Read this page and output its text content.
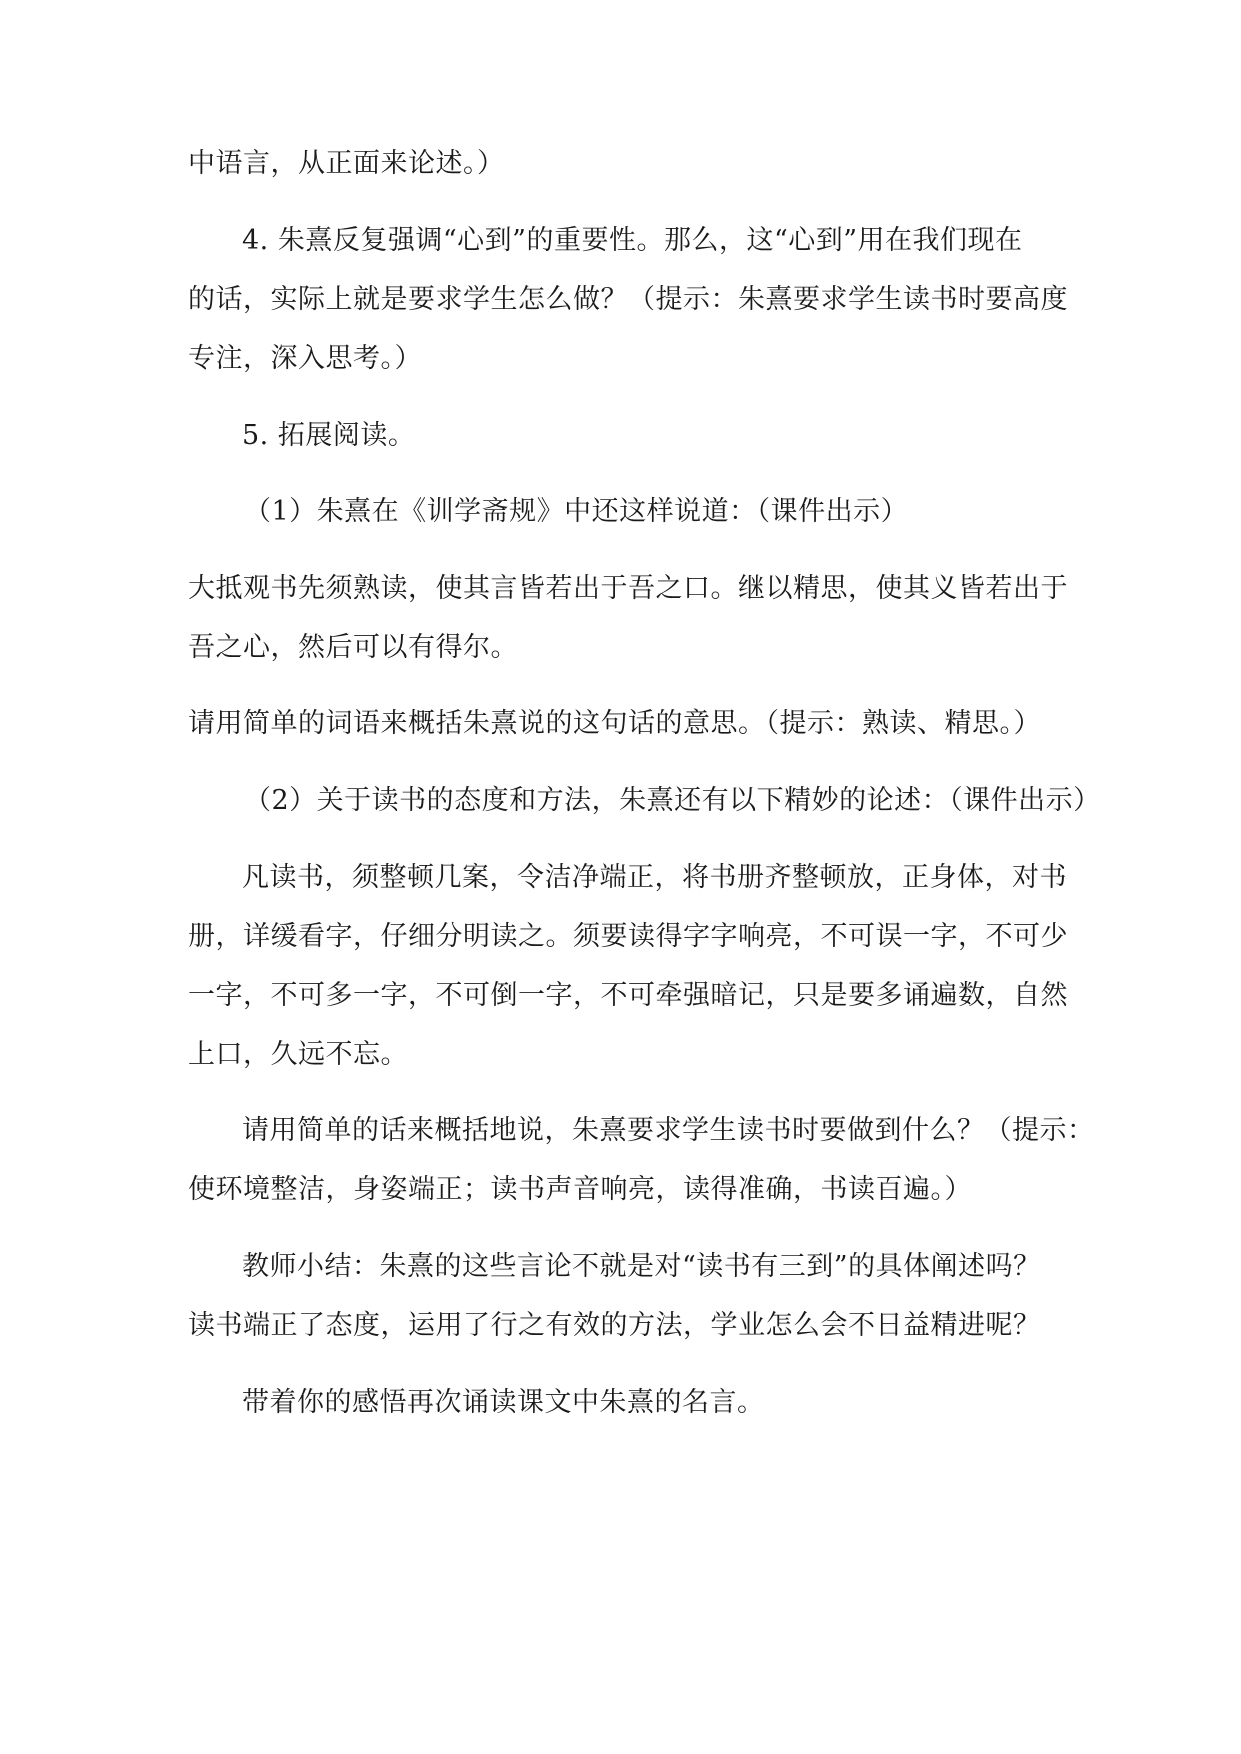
中语言，从正面来论述。）
4. 朱熹反复强调“心到”的重要性。那么，这“心到”用在我们现在
的话，实际上就是要求学生怎么做？（提示：朱熹要求学生读书时要高度
专注，深入思考。）
5. 拓展阅读。
（1）朱熹在《训学斋规》中还这样说道：（课件出示）
大抵观书先须熟读，使其言皆若出于吾之口。继以精思，使其义皆若出于
吾之心，然后可以有得尔。
请用简单的词语来概括朱熹说的这句话的意思。（提示：熟读、精思。）
（2）关于读书的态度和方法，朱熹还有以下精妙的论述：（课件出示）
凡读书，须整顿几案，令洁净端正，将书册齐整顿放，正身体，对书
册，详缓看字，仔细分明读之。须要读得字字响亮，不可误一字，不可少
一字，不可多一字，不可倒一字，不可牵强暗记，只是要多诵遍数，自然
上口，久远不忘。
请用简单的话来概括地说，朱熹要求学生读书时要做到什么？（提示：
使环境整洁，身姿端正；读书声音响亮，读得准确，书读百遍。）
教师小结：朱熹的这些言论不就是对“读书有三到”的具体阐述吗？
读书端正了态度，运用了行之有效的方法，学业怎么会不日益精进呢？
带着你的感悟再次诵读课文中朱熹的名言。
